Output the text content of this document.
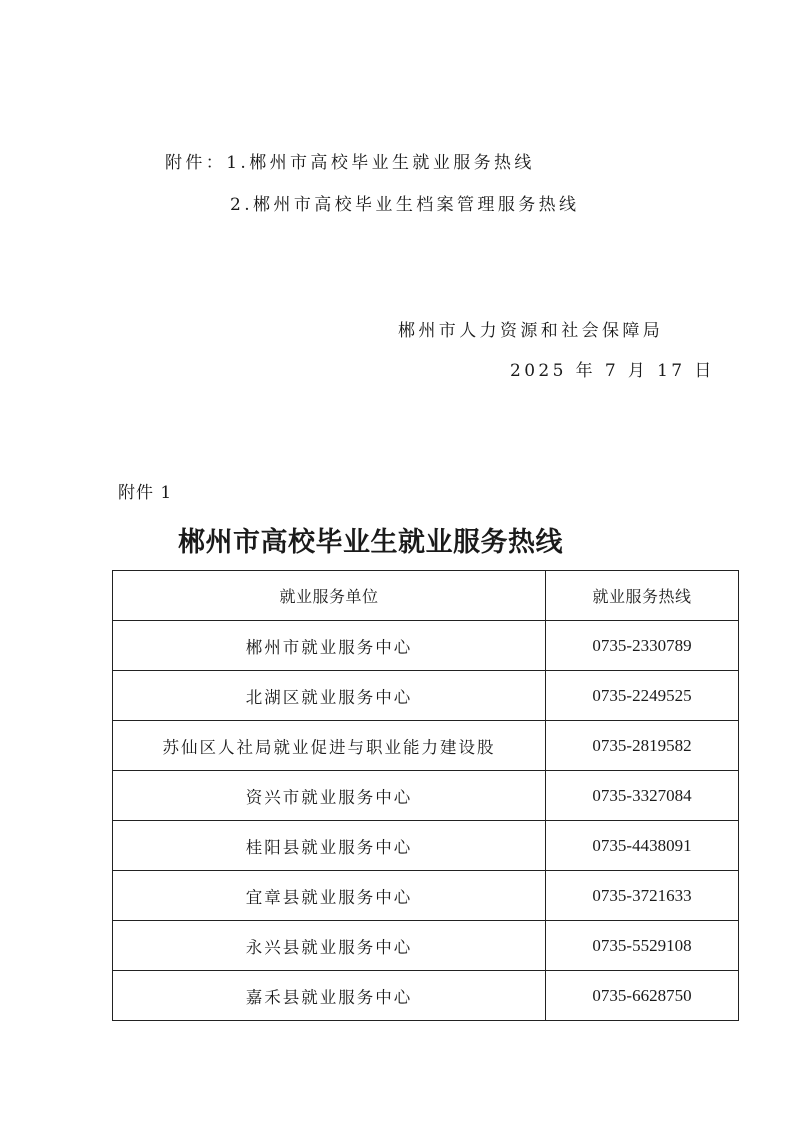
附件：1.郴州市高校毕业生就业服务热线
2.郴州市高校毕业生档案管理服务热线
郴州市人力资源和社会保障局
2025 年 7 月 17 日
附件 1
郴州市高校毕业生就业服务热线
就业服务单位	就业服务热线
郴州市就业服务中心	0735-2330789
北湖区就业服务中心	0735-2249525
苏仙区人社局就业促进与职业能力建设股	0735-2819582
资兴市就业服务中心	0735-3327084
桂阳县就业服务中心	0735-4438091
宜章县就业服务中心	0735-3721633
永兴县就业服务中心	0735-5529108
嘉禾县就业服务中心	0735-6628750
